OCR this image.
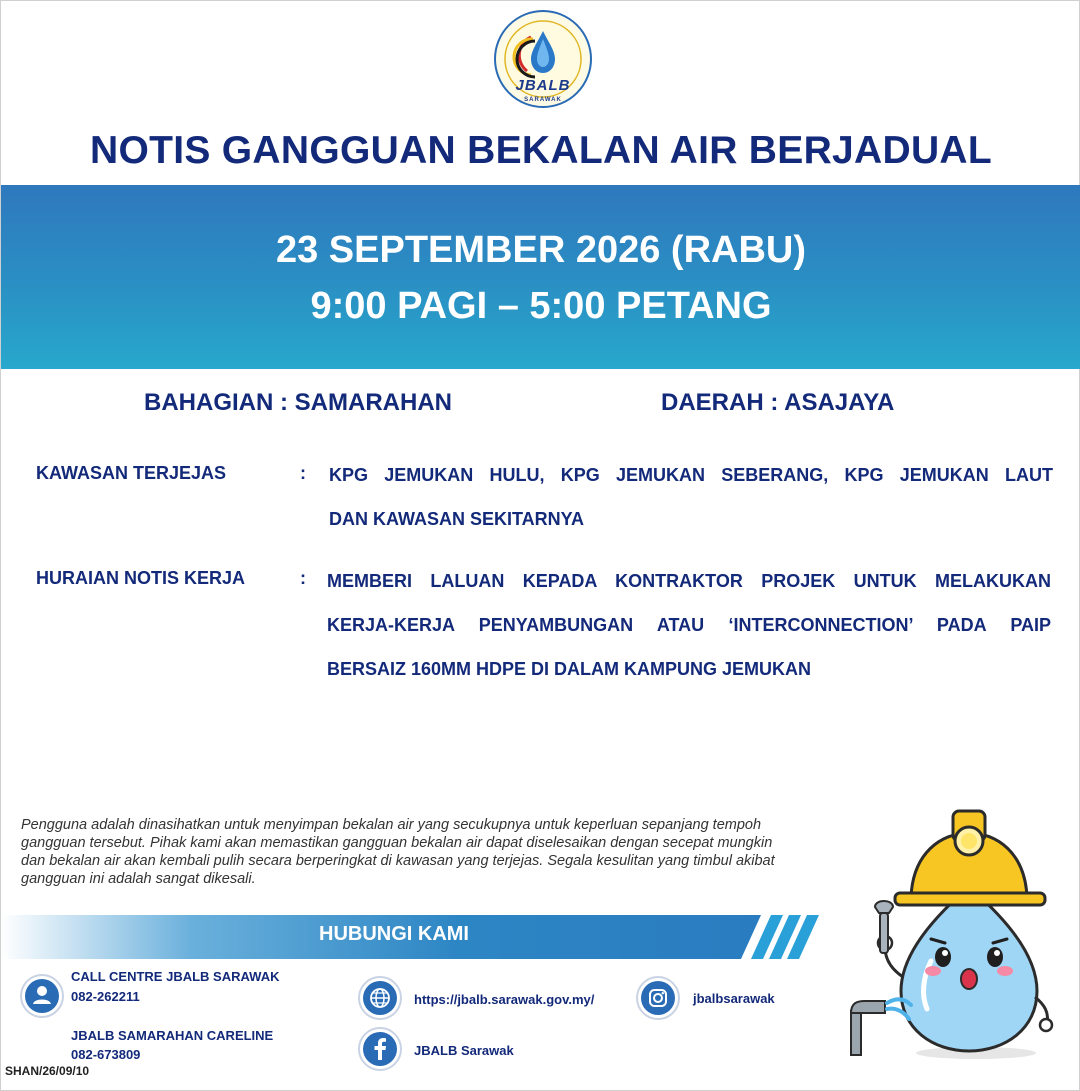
JBALB
SARAWAK
NOTIS GANGGUAN BEKALAN AIR BERJADUAL
23 SEPTEMBER 2026 (RABU)
9:00 PAGI – 5:00 PETANG
BAHAGIAN : SAMARAHAN	DAERAH : ASAJAYA
KAWASAN TERJEJAS	: KPG JEMUKAN HULU, KPG JEMUKAN SEBERANG, KPG JEMUKAN LAUT
DAN KAWASAN SEKITARNYA
HURAIAN NOTIS KERJA	: MEMBERI LALUAN KEPADA KONTRAKTOR PROJEK UNTUK MELAKUKAN
KERJA-KERJA PENYAMBUNGAN ATAU ‘INTERCONNECTION’ PADA PAIP
BERSAIZ 160MM HDPE DI DALAM KAMPUNG JEMUKAN
Pengguna adalah dinasihatkan untuk menyimpan bekalan air yang secukupnya untuk keperluan sepanjang tempoh gangguan tersebut. Pihak kami akan memastikan gangguan bekalan air dapat diselesaikan dengan secepat mungkin dan bekalan air akan kembali pulih secara berperingkat di kawasan yang terjejas. Segala kesulitan yang timbul akibat gangguan ini adalah sangat dikesali.
HUBUNGI KAMI
CALL CENTRE JBALB SARAWAK
082-262211
JBALB SAMARAHAN CARELINE
082-673809
https://jbalb.sarawak.gov.my/
JBALB Sarawak
jbalbsarawak
SHAN/26/09/10
